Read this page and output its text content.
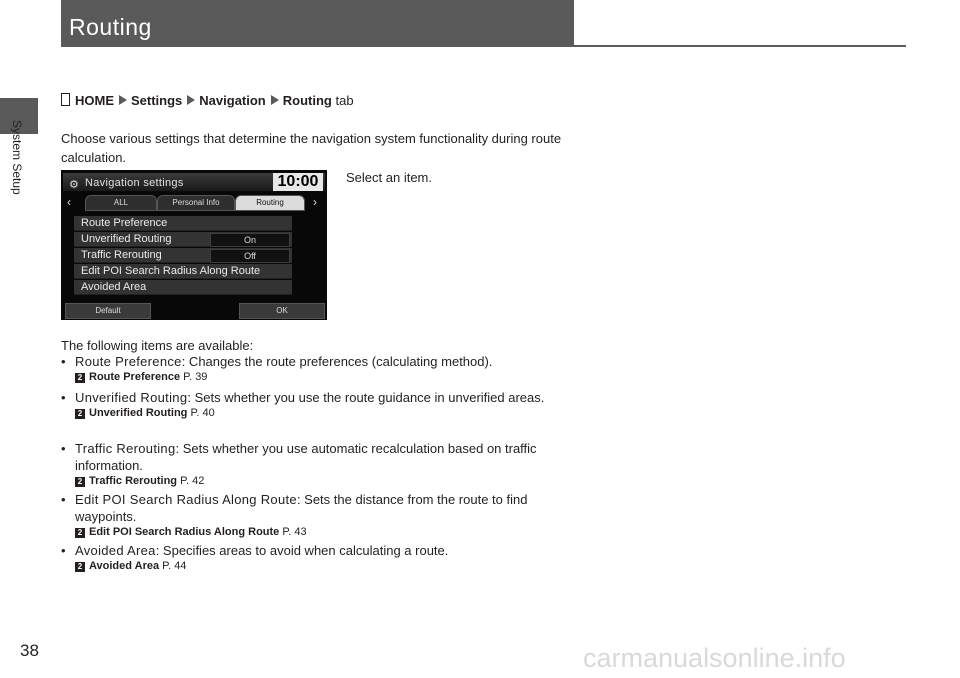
System Setup
Routing
HOME Settings Navigation Routing tab
Choose various settings that determine the navigation system functionality during route calculation.
Select an item.
⚙ Navigation settings	10:00
‹	ALL	Personal Info	Routing	›
Route Preference
Unverified Routing	On
Traffic Rerouting	Off
Edit POI Search Radius Along Route
Avoided Area
Default	OK
The following items are available:
• Route Preference: Changes the route preferences (calculating method).
2 Route Preference P. 39
• Unverified Routing: Sets whether you use the route guidance in unverified areas.
2 Unverified Routing P. 40
• Traffic Rerouting: Sets whether you use automatic recalculation based on traffic information.
2 Traffic Rerouting P. 42
• Edit POI Search Radius Along Route: Sets the distance from the route to find waypoints.
2 Edit POI Search Radius Along Route P. 43
• Avoided Area: Specifies areas to avoid when calculating a route.
2 Avoided Area P. 44
38	carmanualsonline.info
